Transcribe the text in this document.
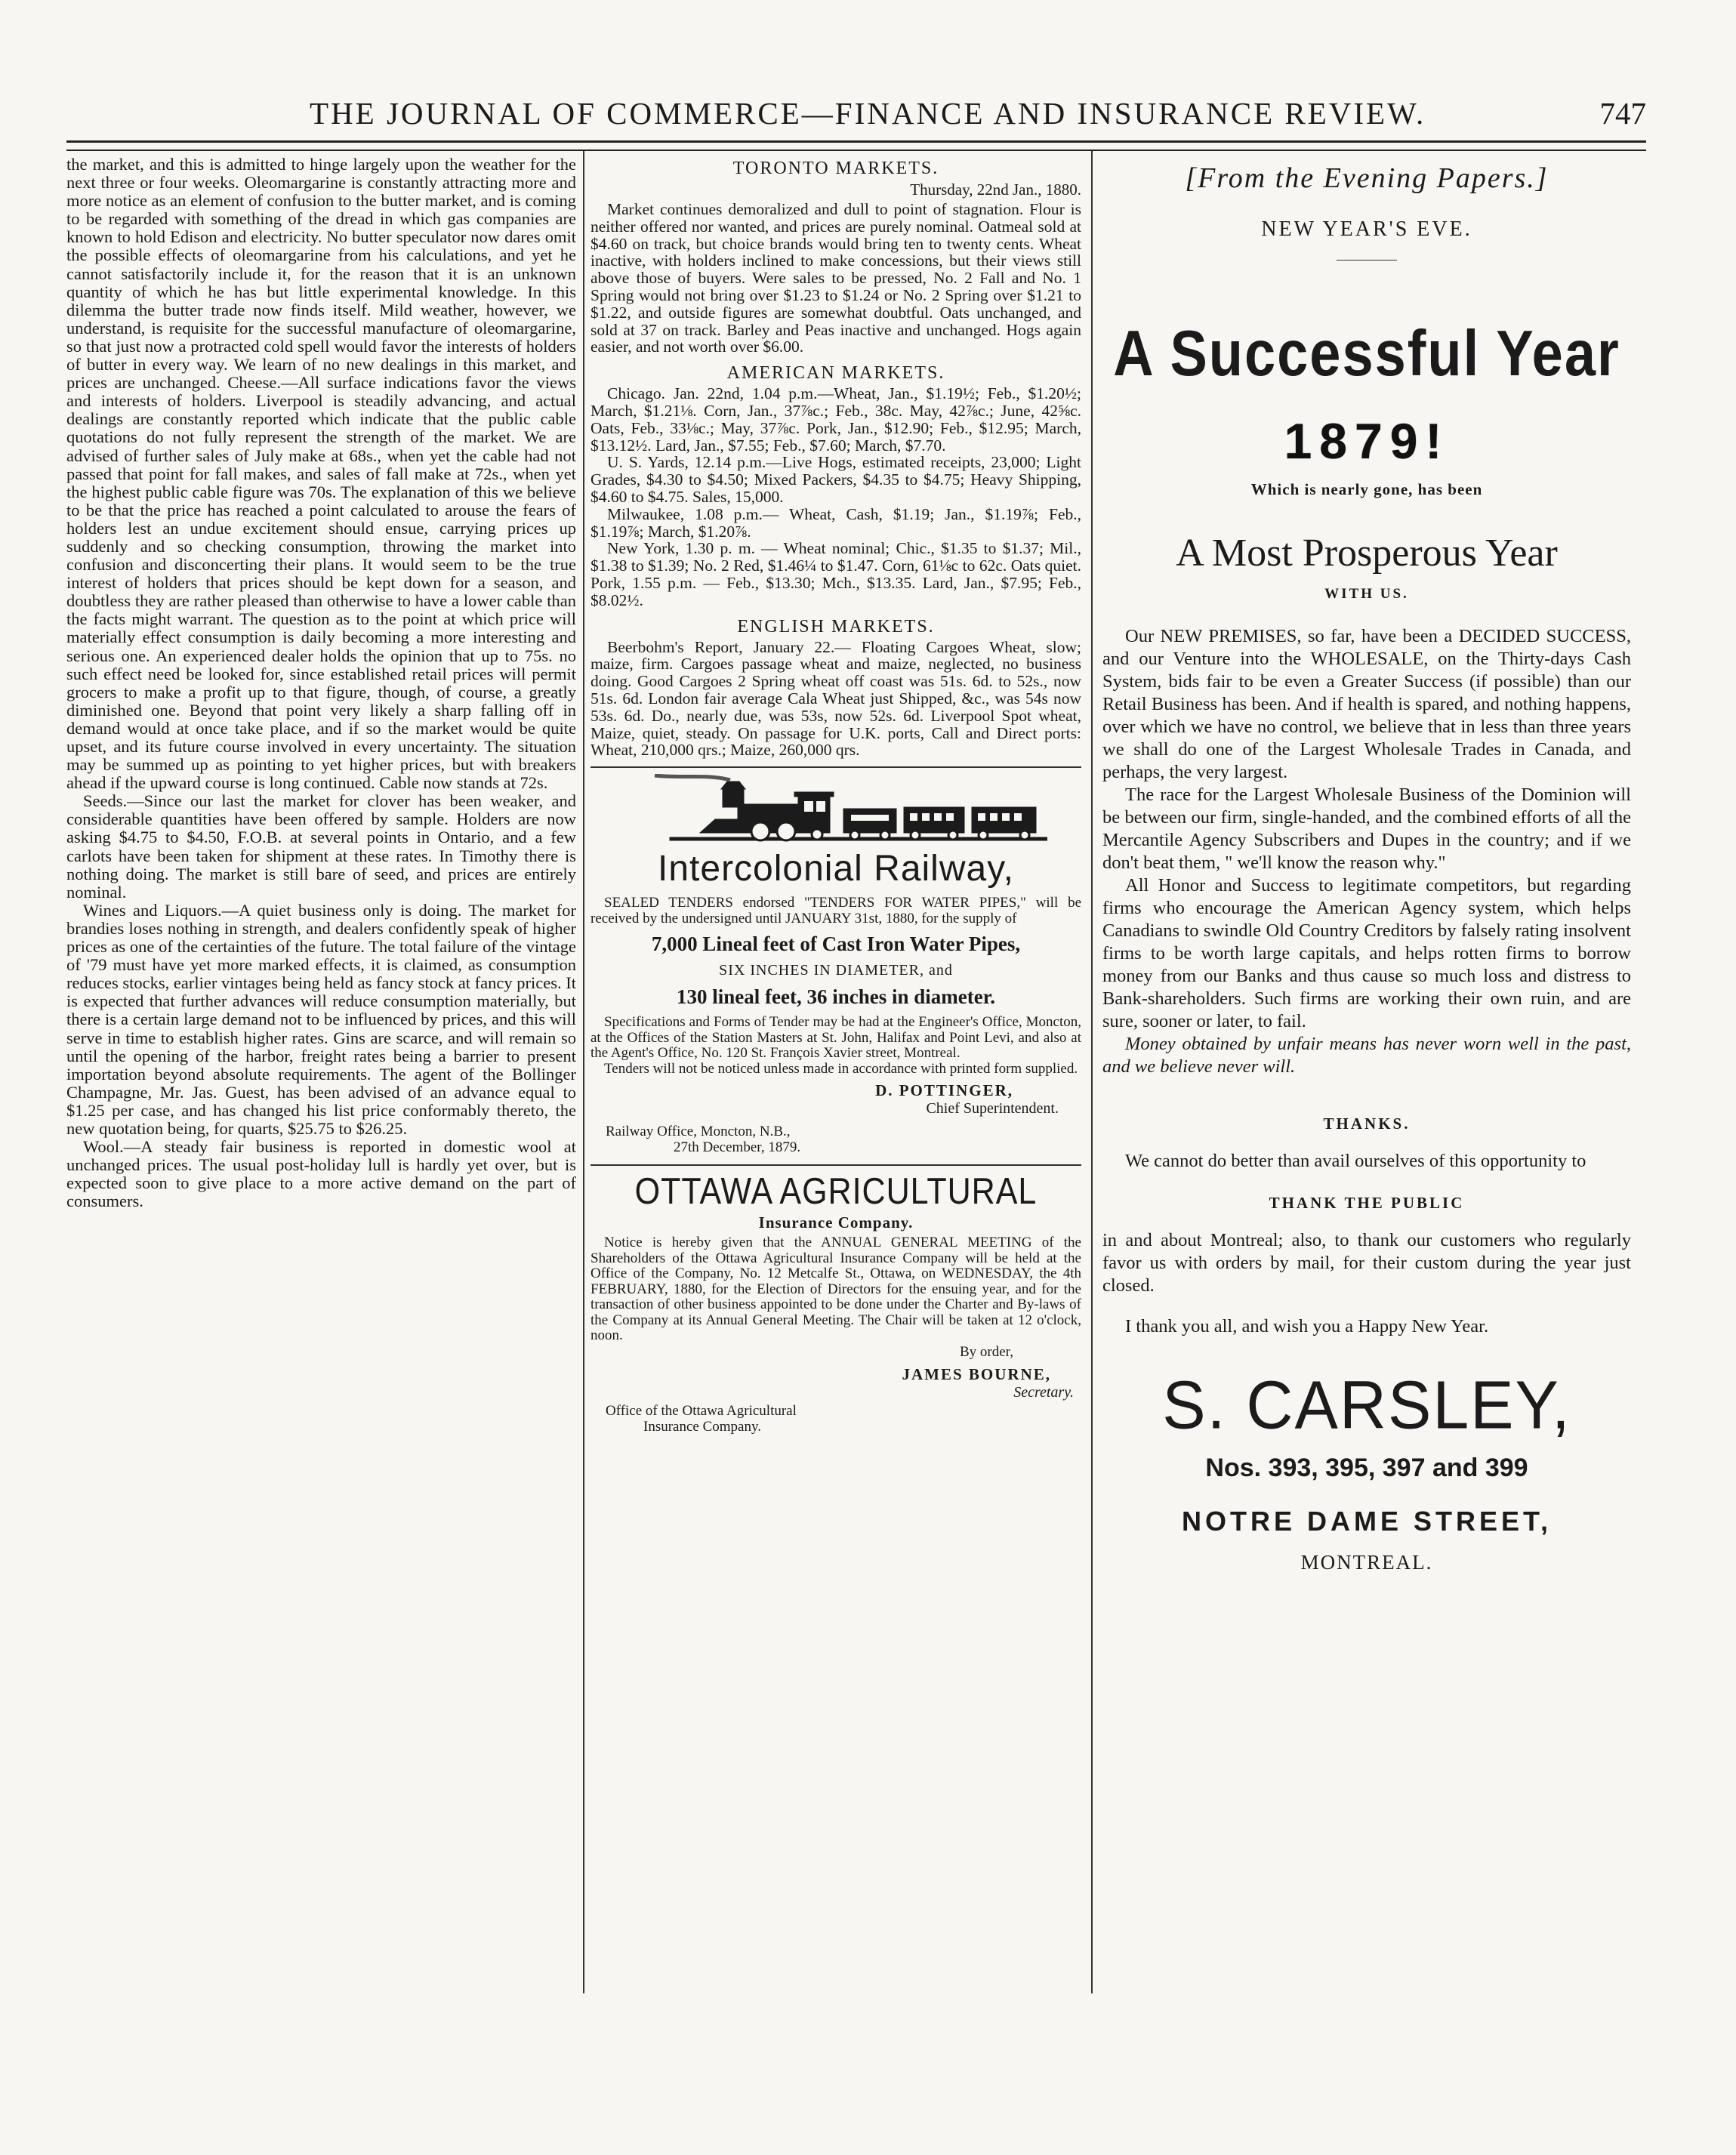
THE JOURNAL OF COMMERCE—FINANCE AND INSURANCE REVIEW.	747

the market, and this is admitted to hinge largely upon the weather for the next three or four weeks. Oleomargarine is constantly attracting more and more notice as an element of confusion to the butter market, and is coming to be regarded with something of the dread in which gas companies are known to hold Edison and electricity. No butter speculator now dares omit the possible effects of oleomargarine from his calculations, and yet he cannot satisfactorily include it, for the reason that it is an unknown quantity of which he has but little experimental knowledge. In this dilemma the butter trade now finds itself. Mild weather, however, we understand, is requisite for the successful manufacture of oleomargarine, so that just now a protracted cold spell would favor the interests of holders of butter in every way. We learn of no new dealings in this market, and prices are unchanged. Cheese.—All surface indications favor the views and interests of holders. Liverpool is steadily advancing, and actual dealings are constantly reported which indicate that the public cable quotations do not fully represent the strength of the market. We are advised of further sales of July make at 68s., when yet the cable had not passed that point for fall makes, and sales of fall make at 72s., when yet the highest public cable figure was 70s. The explanation of this we believe to be that the price has reached a point calculated to arouse the fears of holders lest an undue excitement should ensue, carrying prices up suddenly and so checking consumption, throwing the market into confusion and disconcerting their plans. It would seem to be the true interest of holders that prices should be kept down for a season, and doubtless they are rather pleased than otherwise to have a lower cable than the facts might warrant. The question as to the point at which price will materially effect consumption is daily becoming a more interesting and serious one. An experienced dealer holds the opinion that up to 75s. no such effect need be looked for, since established retail prices will permit grocers to make a profit up to that figure, though, of course, a greatly diminished one. Beyond that point very likely a sharp falling off in demand would at once take place, and if so the market would be quite upset, and its future course involved in every uncertainty. The situation may be summed up as pointing to yet higher prices, but with breakers ahead if the upward course is long continued. Cable now stands at 72s.

Seeds.—Since our last the market for clover has been weaker, and considerable quantities have been offered by sample. Holders are now asking $4.75 to $4.50, F.O.B. at several points in Ontario, and a few carlots have been taken for shipment at these rates. In Timothy there is nothing doing. The market is still bare of seed, and prices are entirely nominal.

Wines and Liquors.—A quiet business only is doing. The market for brandies loses nothing in strength, and dealers confidently speak of higher prices as one of the certainties of the future. The total failure of the vintage of '79 must have yet more marked effects, it is claimed, as consumption reduces stocks, earlier vintages being held as fancy stock at fancy prices. It is expected that further advances will reduce consumption materially, but there is a certain large demand not to be influenced by prices, and this will serve in time to establish higher rates. Gins are scarce, and will remain so until the opening of the harbor, freight rates being a barrier to present importation beyond absolute requirements. The agent of the Bollinger Champagne, Mr. Jas. Guest, has been advised of an advance equal to $1.25 per case, and has changed his list price conformably thereto, the new quotation being, for quarts, $25.75 to $26.25.

Wool.—A steady fair business is reported in domestic wool at unchanged prices. The usual post-holiday lull is hardly yet over, but is expected soon to give place to a more active demand on the part of consumers.

TORONTO MARKETS.
Thursday, 22nd Jan., 1880.

Market continues demoralized and dull to point of stagnation. Flour is neither offered nor wanted, and prices are purely nominal. Oatmeal sold at $4.60 on track, but choice brands would bring ten to twenty cents. Wheat inactive, with holders inclined to make concessions, but their views still above those of buyers. Were sales to be pressed, No. 2 Fall and No. 1 Spring would not bring over $1.23 to $1.24 or No. 2 Spring over $1.21 to $1.22, and outside figures are somewhat doubtful. Oats unchanged, and sold at 37 on track. Barley and Peas inactive and unchanged. Hogs again easier, and not worth over $6.00.

AMERICAN MARKETS.

Chicago. Jan. 22nd, 1.04 p.m.—Wheat, Jan., $1.19½; Feb., $1.20½; March, $1.21⅛. Corn, Jan., 37⅞c.; Feb., 38c. May, 42⅞c.; June, 42⅝c. Oats, Feb., 33⅛c.; May, 37⅞c. Pork, Jan., $12.90; Feb., $12.95; March, $13.12½. Lard, Jan., $7.55; Feb., $7.60; March, $7.70.

U. S. Yards, 12.14 p.m.—Live Hogs, estimated receipts, 23,000; Light Grades, $4.30 to $4.50; Mixed Packers, $4.35 to $4.75; Heavy Shipping, $4.60 to $4.75. Sales, 15,000.

Milwaukee, 1.08 p.m.— Wheat, Cash, $1.19; Jan., $1.19⅞; Feb., $1.19⅞; March, $1.20⅞.

New York, 1.30 p. m. — Wheat nominal; Chic., $1.35 to $1.37; Mil., $1.38 to $1.39; No. 2 Red, $1.46¼ to $1.47. Corn, 61⅛c to 62c. Oats quiet. Pork, 1.55 p.m. — Feb., $13.30; Mch., $13.35. Lard, Jan., $7.95; Feb., $8.02½.

ENGLISH MARKETS.

Beerbohm's Report, January 22.— Floating Cargoes Wheat, slow; maize, firm. Cargoes passage wheat and maize, neglected, no business doing. Good Cargoes 2 Spring wheat off coast was 51s. 6d. to 52s., now 51s. 6d. London fair average Cala Wheat just Shipped, &c., was 54s now 53s. 6d. Do., nearly due, was 53s, now 52s. 6d. Liverpool Spot wheat, Maize, quiet, steady. On passage for U.K. ports, Call and Direct ports: Wheat, 210,000 qrs.; Maize, 260,000 qrs.

Intercolonial Railway,

SEALED TENDERS endorsed "TENDERS FOR WATER PIPES," will be received by the undersigned until JANUARY 31st, 1880, for the supply of

7,000 Lineal feet of Cast Iron Water Pipes,
SIX INCHES IN DIAMETER, and
130 lineal feet, 36 inches in diameter.

Specifications and Forms of Tender may be had at the Engineer's Office, Moncton, at the Offices of the Station Masters at St. John, Halifax and Point Levi, and also at the Agent's Office, No. 120 St. François Xavier street, Montreal.

Tenders will not be noticed unless made in accordance with printed form supplied.

D. POTTINGER,
Chief Superintendent.
Railway Office, Moncton, N.B.,
27th December, 1879.
OTTAWA AGRICULTURAL
Insurance Company.

Notice is hereby given that the ANNUAL GENERAL MEETING of the Shareholders of the Ottawa Agricultural Insurance Company will be held at the Office of the Company, No. 12 Metcalfe St., Ottawa, on WEDNESDAY, the 4th FEBRUARY, 1880, for the Election of Directors for the ensuing year, and for the transaction of other business appointed to be done under the Charter and By-laws of the Company at its Annual General Meeting. The Chair will be taken at 12 o'clock, noon.

By order,
JAMES BOURNE,
Secretary.
Office of the Ottawa Agricultural
Insurance Company.
[From the Evening Papers.]
NEW YEAR'S EVE.
A Successful Year
1879!
Which is nearly gone, has been
A Most Prosperous Year
WITH US.

Our NEW PREMISES, so far, have been a DECIDED SUCCESS, and our Venture into the WHOLESALE, on the Thirty-days Cash System, bids fair to be even a Greater Success (if possible) than our Retail Business has been. And if health is spared, and nothing happens, over which we have no control, we believe that in less than three years we shall do one of the Largest Wholesale Trades in Canada, and perhaps, the very largest.

The race for the Largest Wholesale Business of the Dominion will be between our firm, single-handed, and the combined efforts of all the Mercantile Agency Subscribers and Dupes in the country; and if we don't beat them, " we'll know the reason why."

All Honor and Success to legitimate competitors, but regarding firms who encourage the American Agency system, which helps Canadians to swindle Old Country Creditors by falsely rating insolvent firms to be worth large capitals, and helps rotten firms to borrow money from our Banks and thus cause so much loss and distress to Bank-shareholders. Such firms are working their own ruin, and are sure, sooner or later, to fail.

Money obtained by unfair means has never worn well in the past, and we believe never will.

THANKS.

We cannot do better than avail ourselves of this opportunity to

THANK THE PUBLIC

in and about Montreal; also, to thank our customers who regularly favor us with orders by mail, for their custom during the year just closed.

I thank you all, and wish you a Happy New Year.

S. CARSLEY,
Nos. 393, 395, 397 and 399
NOTRE DAME STREET,
MONTREAL.
